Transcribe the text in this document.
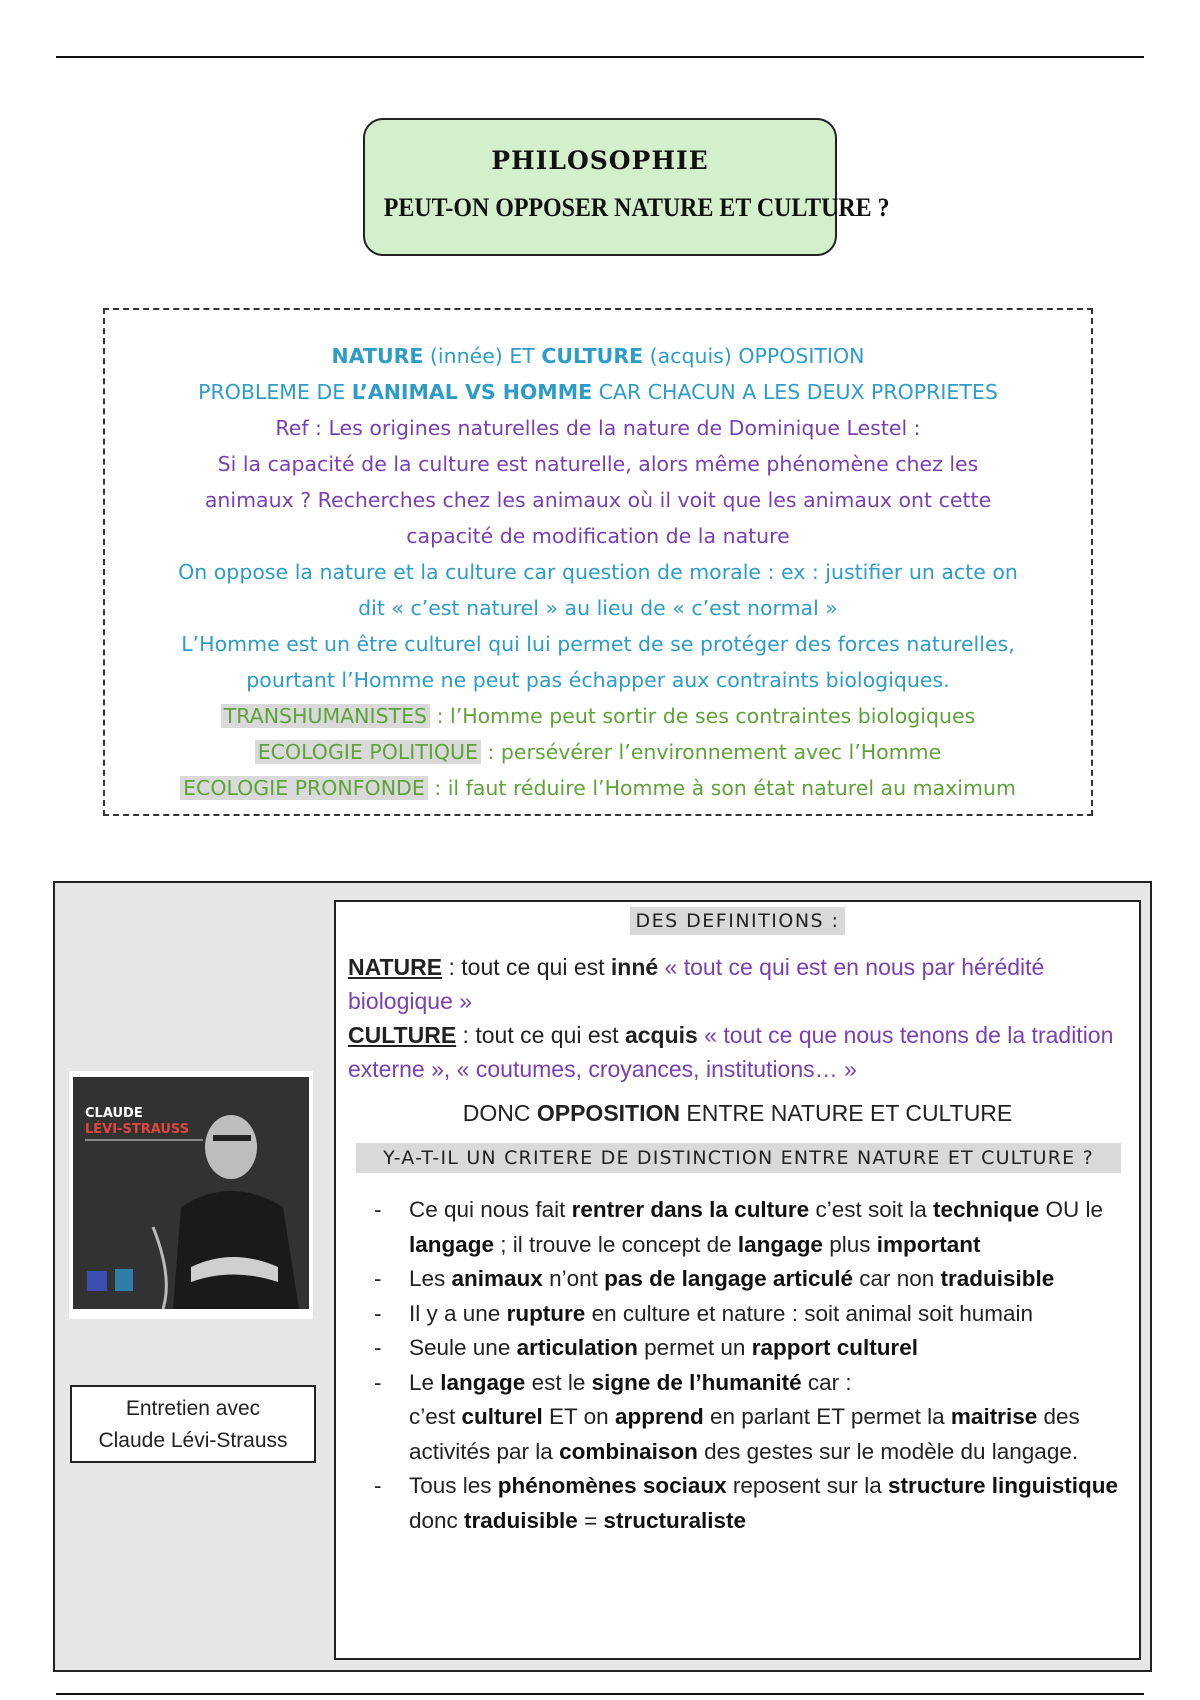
PHILOSOPHIE
PEUT-ON OPPOSER NATURE ET CULTURE ?
NATURE (innée) ET CULTURE (acquis) OPPOSITION
PROBLEME DE L’ANIMAL VS HOMME CAR CHACUN A LES DEUX PROPRIETES
Ref : Les origines naturelles de la nature de Dominique Lestel :
Si la capacité de la culture est naturelle, alors même phénomène chez les
animaux ? Recherches chez les animaux où il voit que les animaux ont cette
capacité de modification de la nature
On oppose la nature et la culture car question de morale : ex : justifier un acte on
dit « c’est naturel » au lieu de « c’est normal »
L’Homme est un être culturel qui lui permet de se protéger des forces naturelles,
pourtant l’Homme ne peut pas échapper aux contraints biologiques.
TRANSHUMANISTES : l’Homme peut sortir de ses contraintes biologiques
ECOLOGIE POLITIQUE : persévérer l’environnement avec l’Homme
ECOLOGIE PRONFONDE : il faut réduire l’Homme à son état naturel au maximum
CLAUDE
LÉVI-STRAUSS
Entretien avec
Claude Lévi-Strauss
DES DEFINITIONS :
NATURE : tout ce qui est inné « tout ce qui est en nous par hérédité biologique »
CULTURE : tout ce qui est acquis « tout ce que nous tenons de la tradition externe », « coutumes, croyances, institutions… »
DONC OPPOSITION ENTRE NATURE ET CULTURE
Y-A-T-IL UN CRITERE DE DISTINCTION ENTRE NATURE ET CULTURE ?
- Ce qui nous fait rentrer dans la culture c’est soit la technique OU le langage ; il trouve le concept de langage plus important
- Les animaux n’ont pas de langage articulé car non traduisible
- Il y a une rupture en culture et nature : soit animal soit humain
- Seule une articulation permet un rapport culturel
- Le langage est le signe de l’humanité car :
c’est culturel ET on apprend en parlant ET permet la maitrise des activités par la combinaison des gestes sur le modèle du langage.
- Tous les phénomènes sociaux reposent sur la structure linguistique donc traduisible = structuraliste
